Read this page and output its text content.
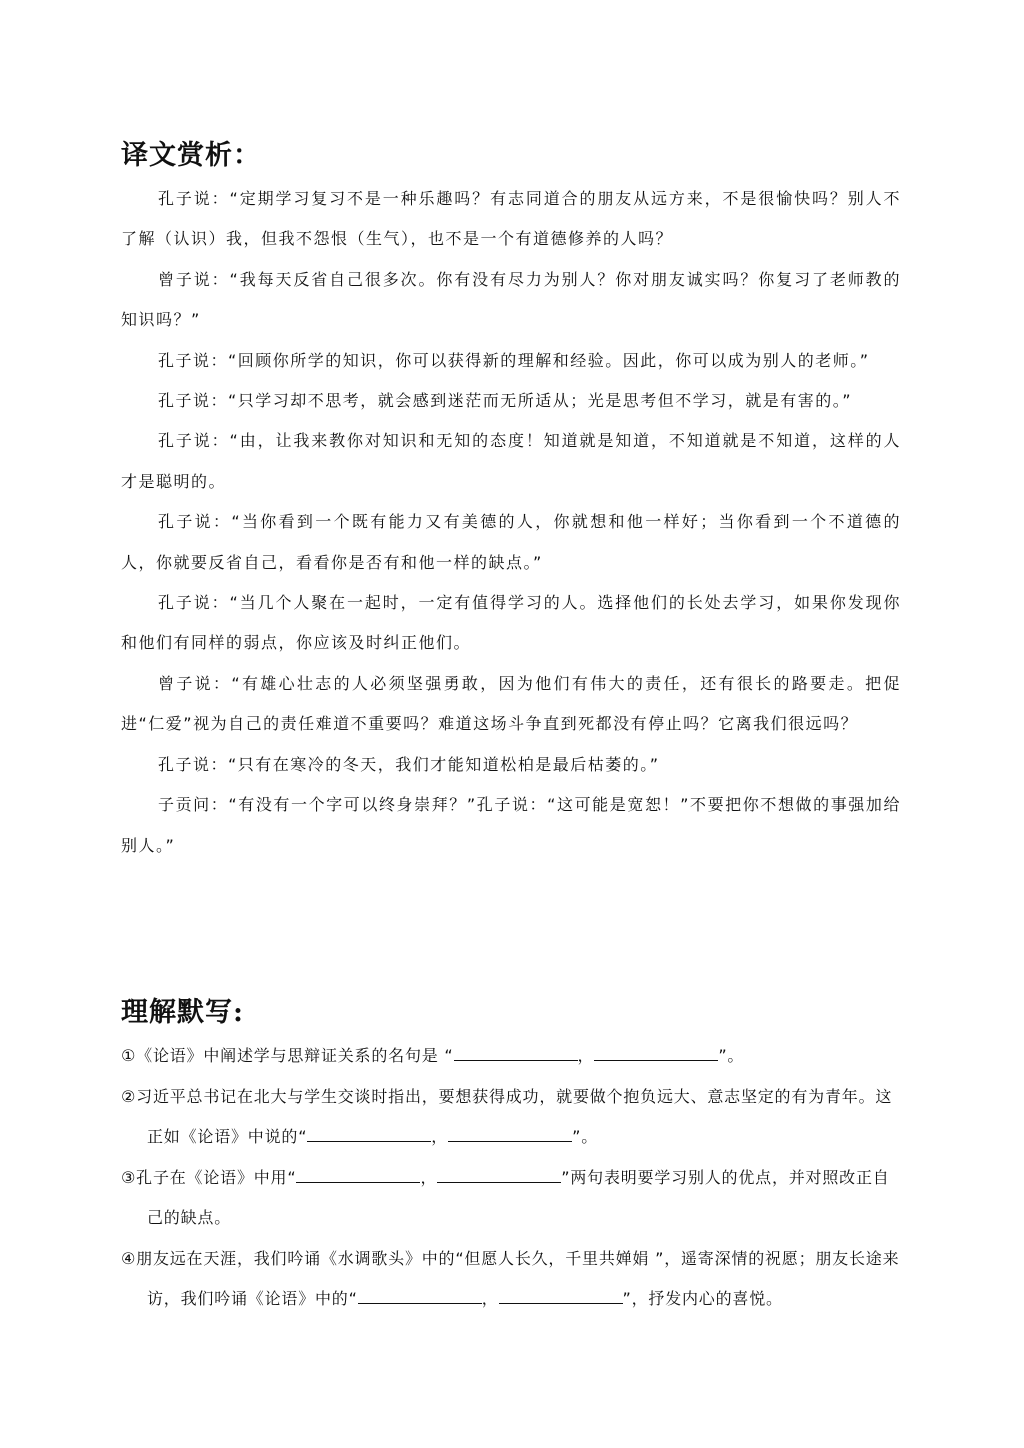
译文赏析：

孔子说：“定期学习复习不是一种乐趣吗？有志同道合的朋友从远方来，不是很愉快吗？别人不了解（认识）我，但我不怨恨（生气），也不是一个有道德修养的人吗？

曾子说：“我每天反省自己很多次。你有没有尽力为别人？你对朋友诚实吗？你复习了老师教的知识吗？”

孔子说：“回顾你所学的知识，你可以获得新的理解和经验。因此，你可以成为别人的老师。”

孔子说：“只学习却不思考，就会感到迷茫而无所适从；光是思考但不学习，就是有害的。”

孔子说：“由，让我来教你对知识和无知的态度！知道就是知道，不知道就是不知道，这样的人才是聪明的。

孔子说：“当你看到一个既有能力又有美德的人，你就想和他一样好；当你看到一个不道德的人，你就要反省自己，看看你是否有和他一样的缺点。”

孔子说：“当几个人聚在一起时，一定有值得学习的人。选择他们的长处去学习，如果你发现你和他们有同样的弱点，你应该及时纠正他们。

曾子说：“有雄心壮志的人必须坚强勇敢，因为他们有伟大的责任，还有很长的路要走。把促进“仁爱”视为自己的责任难道不重要吗？难道这场斗争直到死都没有停止吗？它离我们很远吗？

孔子说：“只有在寒冷的冬天，我们才能知道松柏是最后枯萎的。”

子贡问：“有没有一个字可以终身崇拜？”孔子说：“这可能是宽恕！”不要把你不想做的事强加给别人。”

理解默写:

①《论语》中阐述学与思辩证关系的名句是 “	，	”。

②习近平总书记在北大与学生交谈时指出，要想获得成功，就要做个抱负远大、意志坚定的有为青年。这正如《论语》中说的“	，	”。

③孔子在《论语》中用“	，	”两句表明要学习别人的优点，并对照改正自己的缺点。

④朋友远在天涯，我们吟诵《水调歌头》中的“但愿人长久，千里共婵娟 ”，遥寄深情的祝愿；朋友长途来访，我们吟诵《论语》中的“	，	”，抒发内心的喜悦。
